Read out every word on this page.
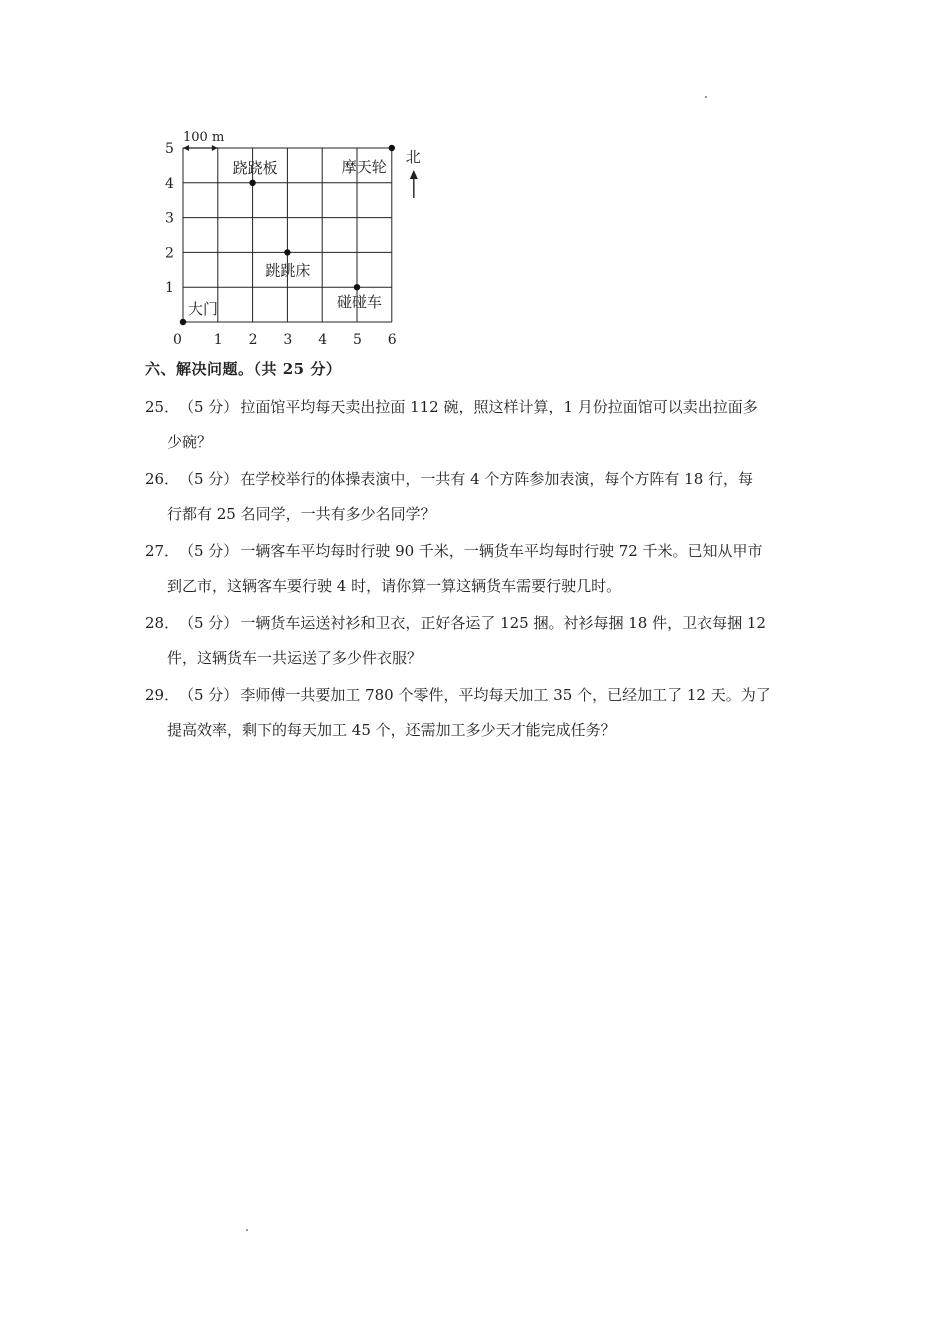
0 1 2 3 4 5 6
1
2
3
4
5
100 m
北
跷跷板	摩天轮
跳跳床
碰碰车
大门
六、解决问题。（共 25 分）
25．（5 分） 拉面馆平均每天卖出拉面 112 碗，照这样计算，1 月份拉面馆可以卖出拉面多
少碗？
26．（5 分） 在学校举行的体操表演中，一共有 4 个方阵参加表演，每个方阵有 18 行，每
行都有 25 名同学，一共有多少名同学？
27．（5 分） 一辆客车平均每时行驶 90 千米，一辆货车平均每时行驶 72 千米。已知从甲市
到乙市，这辆客车要行驶 4 时，请你算一算这辆货车需要行驶几时。
28．（5 分） 一辆货车运送衬衫和卫衣，正好各运了 125 捆。衬衫每捆 18 件，卫衣每捆 12
件，这辆货车一共运送了多少件衣服？
29．（5 分） 李师傅一共要加工 780 个零件，平均每天加工 35 个，已经加工了 12 天。为了
提高效率，剩下的每天加工 45 个，还需加工多少天才能完成任务？
